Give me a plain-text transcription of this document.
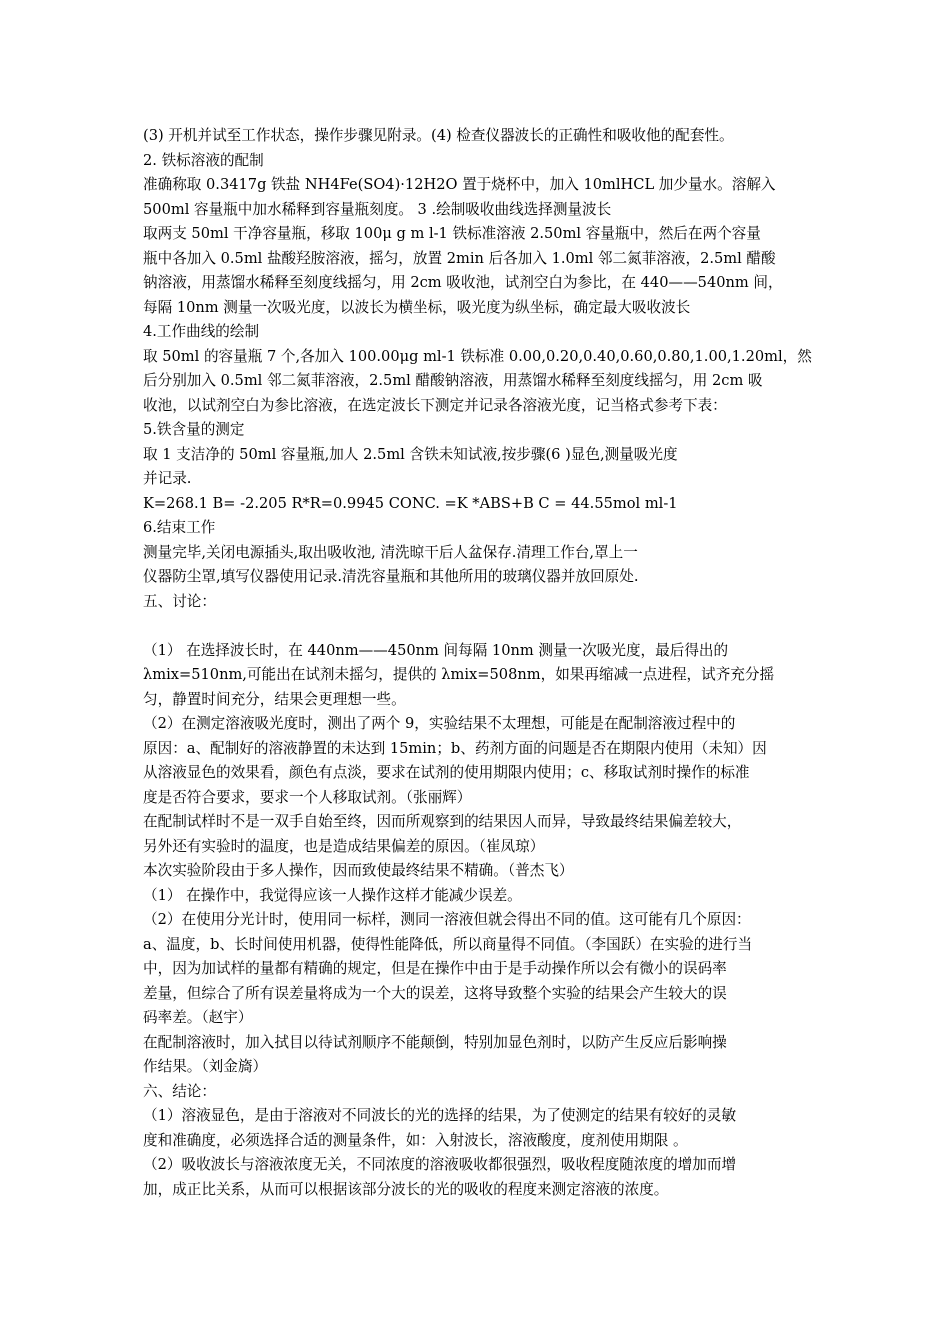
(3) 开机并试至工作状态，操作步骤见附录。(4) 检查仪器波长的正确性和吸收他的配套性。
2. 铁标溶液的配制
准确称取 0.3417g 铁盐 NH4Fe(SO4)·12H2O 置于烧杯中，加入 10mlHCL 加少量水。溶解入
500ml 容量瓶中加水稀释到容量瓶刻度。 3 .绘制吸收曲线选择测量波长
取两支 50ml 干净容量瓶，移取 100μ g m l-1 铁标准溶液 2.50ml 容量瓶中，然后在两个容量
瓶中各加入 0.5ml 盐酸羟胺溶液，摇匀，放置 2min 后各加入 1.0ml 邻二氮菲溶液，2.5ml 醋酸
钠溶液，用蒸馏水稀释至刻度线摇匀，用 2cm 吸收池，试剂空白为参比，在 440——540nm 间，
每隔 10nm 测量一次吸光度，以波长为横坐标，吸光度为纵坐标，确定最大吸收波长
4.工作曲线的绘制
取 50ml 的容量瓶 7 个,各加入 100.00μg ml-1 铁标准 0.00,0.20,0.40,0.60,0.80,1.00,1.20ml，然
后分别加入 0.5ml 邻二氮菲溶液，2.5ml 醋酸钠溶液，用蒸馏水稀释至刻度线摇匀，用 2cm 吸
收池，以试剂空白为参比溶液，在选定波长下测定并记录各溶液光度，记当格式参考下表：
5.铁含量的测定
取 1 支洁净的 50ml 容量瓶,加人 2.5ml 含铁未知试液,按步骤(6 )显色,测量吸光度
并记录.
K=268.1 B= -2.205 R*R=0.9945 CONC. =K *ABS+B C = 44.55mol ml-1
6.结束工作
测量完毕,关闭电源插头,取出吸收池, 清洗晾干后人盆保存.清理工作台,罩上一
仪器防尘罩,填写仪器使用记录.清洗容量瓶和其他所用的玻璃仪器并放回原处.
五、讨论：
（1） 在选择波长时，在 440nm——450nm 间每隔 10nm 测量一次吸光度，最后得出的
λmix=510nm,可能出在试剂未摇匀，提供的 λmix=508nm，如果再缩减一点进程，试齐充分摇
匀，静置时间充分，结果会更理想一些。
（2）在测定溶液吸光度时，测出了两个 9，实验结果不太理想，可能是在配制溶液过程中的
原因：a、配制好的溶液静置的未达到 15min；b、药剂方面的问题是否在期限内使用（未知）因
从溶液显色的效果看，颜色有点淡，要求在试剂的使用期限内使用；c、移取试剂时操作的标准
度是否符合要求，要求一个人移取试剂。（张丽辉）
在配制试样时不是一双手自始至终，因而所观察到的结果因人而异，导致最终结果偏差较大，
另外还有实验时的温度，也是造成结果偏差的原因。（崔凤琼）
本次实验阶段由于多人操作，因而致使最终结果不精确。（普杰飞）
（1） 在操作中，我觉得应该一人操作这样才能减少误差。
（2）在使用分光计时，使用同一标样，测同一溶液但就会得出不同的值。这可能有几个原因：
a、温度，b、长时间使用机器，使得性能降低，所以商量得不同值。（李国跃）在实验的进行当
中，因为加试样的量都有精确的规定，但是在操作中由于是手动操作所以会有微小的误码率
差量，但综合了所有误差量将成为一个大的误差，这将导致整个实验的结果会产生较大的误
码率差。（赵宇）
在配制溶液时，加入拭目以待试剂顺序不能颠倒，特别加显色剂时，以防产生反应后影响操
作结果。（刘金旖）
六、结论：
（1）溶液显色，是由于溶液对不同波长的光的选择的结果，为了使测定的结果有较好的灵敏
度和准确度，必须选择合适的测量条件，如：入射波长，溶液酸度，度剂使用期限 。
（2）吸收波长与溶液浓度无关，不同浓度的溶液吸收都很强烈，吸收程度随浓度的增加而增
加，成正比关系，从而可以根据该部分波长的光的吸收的程度来测定溶液的浓度。
